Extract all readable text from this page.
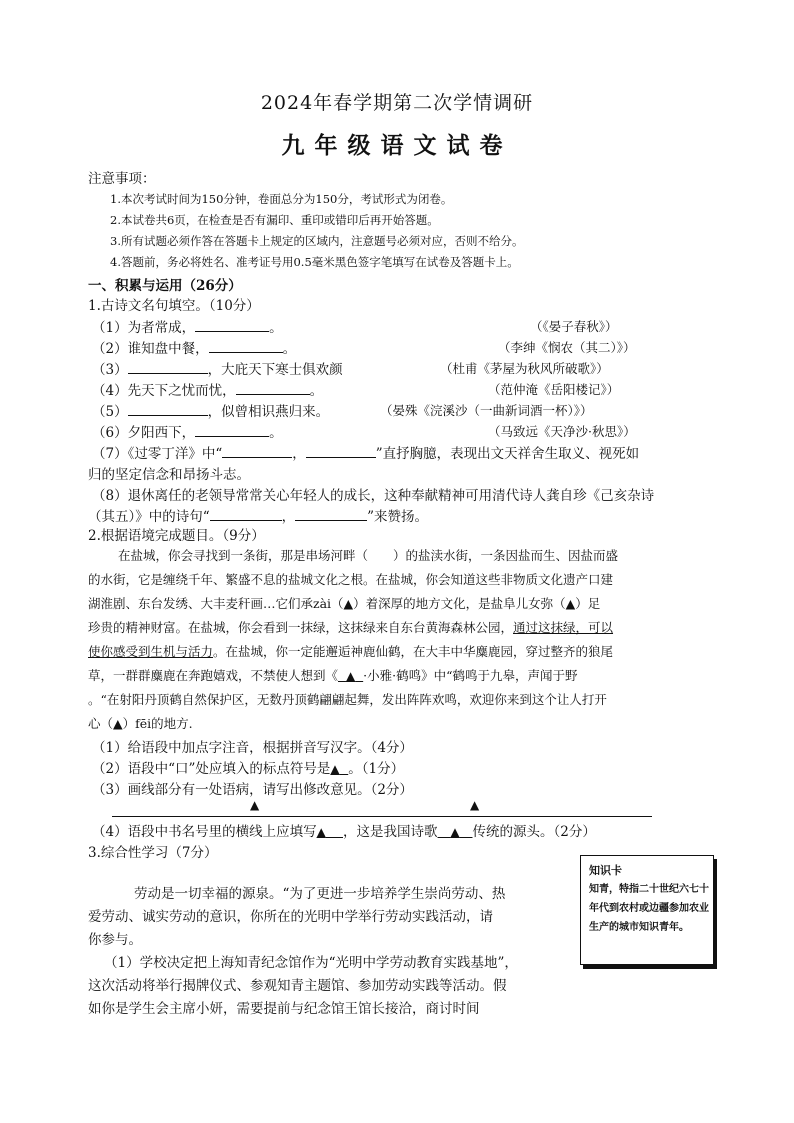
2024年春学期第二次学情调研
九年级语文试卷
注意事项：
1.本次考试时间为150分钟，卷面总分为150分，考试形式为闭卷。
2.本试卷共6页，在检查是否有漏印、重印或错印后再开始答题。
3.所有试题必须作答在答题卡上规定的区域内，注意题号必须对应，否则不给分。
4.答题前，务必将姓名、准考证号用0.5毫米黑色签字笔填写在试卷及答题卡上。
一、积累与运用（26分）
1.古诗文名句填空。（10分）
（1）为者常成，	。	（《晏子春秋》）
（2）谁知盘中餐，	。	（李绅《悯农（其二）》）
（3）	，大庇天下寒士俱欢颜	（杜甫《茅屋为秋风所破歌》）
（4）先天下之忧而忧，	。	（范仲淹《岳阳楼记》）
（5）	，似曾相识燕归来。	（晏殊《浣溪沙（一曲新词酒一杯）》）
（6）夕阳西下，	。	（马致远《天净沙·秋思》）
（7）《过零丁洋》中“	，	”直抒胸臆，表现出文天祥舍生取义、视死如
归的坚定信念和昂扬斗志。
（8）退休离任的老领导常常关心年轻人的成长，这种奉献精神可用清代诗人龚自珍《己亥杂诗
（其五）》中的诗句“	，	”来赞扬。
2.根据语境完成题目。（9分）
在盐城，你会寻找到一条街，那是串场河畔（　　）的盐渎水街，一条因盐而生、因盐而盛
的水街，它是缠绕千年、繁盛不息的盐城文化之根。在盐城，你会知道这些非物质文化遗产口建
湖淮剧、东台发绣、大丰麦秆画…它们承zài（▲）着深厚的地方文化，是盐阜儿女弥（▲）足
珍贵的精神财富。在盐城，你会看到一抹绿，这抹绿来自东台黄海森林公园，通过这抹绿，可以
使你感受到生机与活力。在盐城，你一定能邂逅神鹿仙鹤，在大丰中华麋鹿园，穿过整齐的狼尾
草，一群群麋鹿在奔跑嬉戏，不禁使人想到《 ▲ ·小雅·鹤鸣》中“鹤鸣于九皋，声闻于野
。“在射阳丹顶鹤自然保护区，无数丹顶鹤翩翩起舞，发出阵阵欢鸣，欢迎你来到这个让人打开
心（▲）fēi的地方.
（1）给语段中加点字注音，根据拼音写汉字。（4分）
（2）语段中“口”处应填入的标点符号是▲ 。（1分）
（3）画线部分有一处语病，请写出修改意见。（2分）
▲	▲
（4）语段中书名号里的横线上应填写▲ ，这是我国诗歌 ▲ 传统的源头。（2分）
3.综合性学习（7分）
劳动是一切幸福的源泉。“为了更进一步培养学生崇尚劳动、热
爱劳动、诚实劳动的意识，你所在的光明中学举行劳动实践活动，请
你参与。
（1）学校决定把上海知青纪念馆作为“光明中学劳动教育实践基地”，
这次活动将举行揭牌仪式、参观知青主题馆、参加劳动实践等活动。假
如你是学生会主席小妍，需要提前与纪念馆王馆长接洽，商讨时间
知识卡
知青，特指二十世纪六七十年代到农村或边疆参加农业生产的城市知识青年。
